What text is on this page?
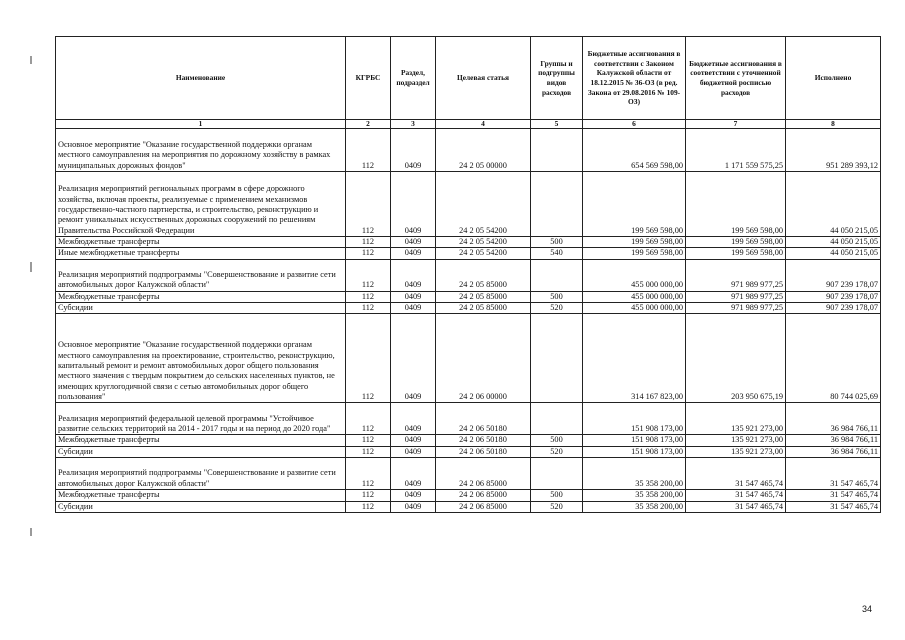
Наименование	КГРБС	Раздел, подраздел	Целевая статья	Группы и подгруппы видов расходов	Бюджетные ассигнования в соответствии с Законом Калужской области от 18.12.2015 № 36-ОЗ (в ред. Закона от 29.08.2016 № 109-ОЗ)	Бюджетные ассигнования в соответствии с уточненной бюджетной росписью расходов	Исполнено
1	2	3	4	5	6	7	8
Основное мероприятие "Оказание государственной поддержки органам местного самоуправления на мероприятия по дорожному хозяйству в рамках муниципальных дорожных фондов"	112	0409	24 2 05 00000		654 569 598,00	1 171 559 575,25	951 289 393,12
Реализация мероприятий региональных программ в сфере дорожного хозяйства, включая проекты, реализуемые с применением механизмов государственно-частного партнерства, и строительство, реконструкцию и ремонт уникальных искусственных дорожных сооружений по решениям Правительства Российской Федерации	112	0409	24 2 05 54200		199 569 598,00	199 569 598,00	44 050 215,05
Межбюджетные трансферты	112	0409	24 2 05 54200	500	199 569 598,00	199 569 598,00	44 050 215,05
Иные межбюджетные трансферты	112	0409	24 2 05 54200	540	199 569 598,00	199 569 598,00	44 050 215,05
Реализация мероприятий подпрограммы "Совершенствование и развитие сети автомобильных дорог Калужской области"	112	0409	24 2 05 85000		455 000 000,00	971 989 977,25	907 239 178,07
Межбюджетные трансферты	112	0409	24 2 05 85000	500	455 000 000,00	971 989 977,25	907 239 178,07
Субсидии	112	0409	24 2 05 85000	520	455 000 000,00	971 989 977,25	907 239 178,07
Основное мероприятие "Оказание государственной поддержки органам местного самоуправления на проектирование, строительство, реконструкцию, капитальный ремонт и ремонт автомобильных дорог общего пользования местного значения с твердым покрытием до сельских населенных пунктов, не имеющих круглогодичной связи с сетью автомобильных дорог общего пользования"	112	0409	24 2 06 00000		314 167 823,00	203 950 675,19	80 744 025,69
Реализация мероприятий федеральной целевой программы "Устойчивое развитие сельских территорий на 2014 - 2017 годы и на период до 2020 года"	112	0409	24 2 06 50180		151 908 173,00	135 921 273,00	36 984 766,11
Межбюджетные трансферты	112	0409	24 2 06 50180	500	151 908 173,00	135 921 273,00	36 984 766,11
Субсидии	112	0409	24 2 06 50180	520	151 908 173,00	135 921 273,00	36 984 766,11
Реализация мероприятий подпрограммы "Совершенствование и развитие сети автомобильных дорог Калужской области"	112	0409	24 2 06 85000		35 358 200,00	31 547 465,74	31 547 465,74
Межбюджетные трансферты	112	0409	24 2 06 85000	500	35 358 200,00	31 547 465,74	31 547 465,74
Субсидии	112	0409	24 2 06 85000	520	35 358 200,00	31 547 465,74	31 547 465,74
34
